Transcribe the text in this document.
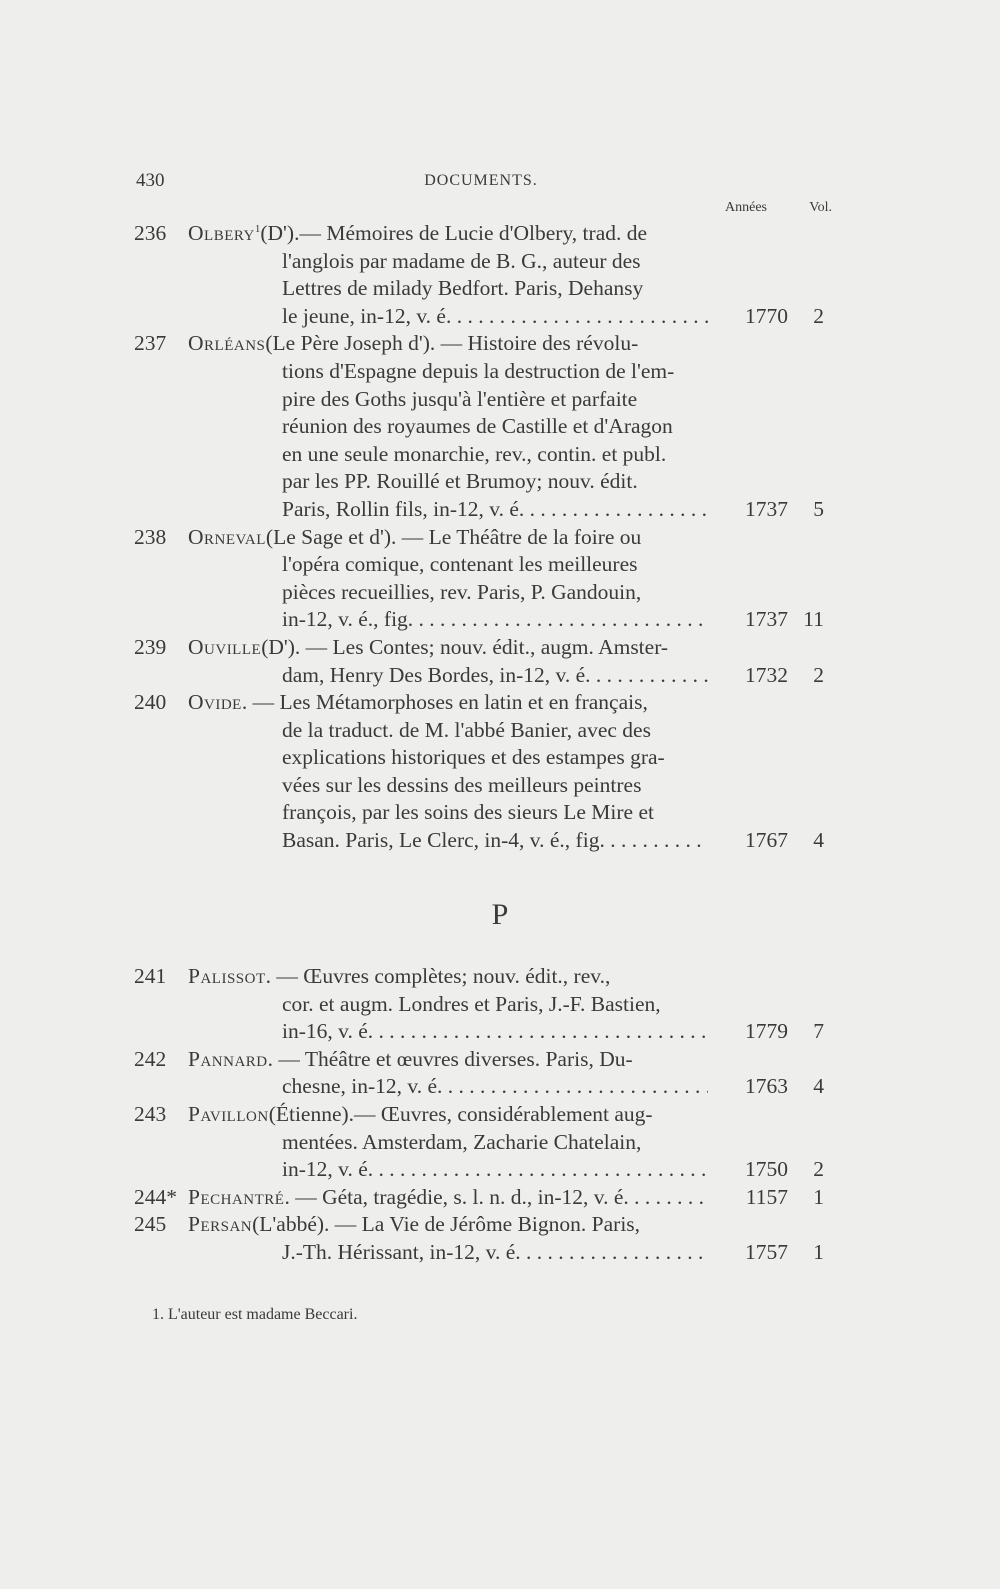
430	DOCUMENTS.
Années	Vol.
236 Olbery$^1$(D').— Mémoires de Lucie d'Olbery, trad. de
l'anglois par madame de B. G., auteur des
Lettres de milady Bedfort. Paris, Dehansy
le jeune, in-12, v. é. . . .	1770	2
237 Orléans(Le Père Joseph d'). — Histoire des révolu-
tions d'Espagne depuis la destruction de l'em-
pire des Goths jusqu'à l'entière et parfaite
réunion des royaumes de Castille et d'Aragon
en une seule monarchie, rev., contin. et publ.
par les PP. Rouillé et Brumoy; nouv. édit.
Paris, Rollin fils, in-12, v. é. . . .	1737	5
238 Orneval(Le Sage et d'). — Le Théâtre de la foire ou
l'opéra comique, contenant les meilleures
pièces recueillies, rev. Paris, P. Gandouin,
in-12, v. é., fig. . . .	1737 11
239 Ouville(D'). — Les Contes; nouv. édit., augm. Amster-
dam, Henry Des Bordes, in-12, v. é. . . .	1732	2
240 Ovide. — Les Métamorphoses en latin et en français,
de la traduct. de M. l'abbé Banier, avec des
explications historiques et des estampes gra-
vées sur les dessins des meilleurs peintres
françois, par les soins des sieurs Le Mire et
Basan. Paris, Le Clerc, in-4, v. é., fig. . . .	1767	4
P
241 Palissot. — Œuvres complètes; nouv. édit., rev.,
cor. et augm. Londres et Paris, J.-F. Bastien,
in-16, v. é. . . .	1779	7
242 Pannard. — Théâtre et œuvres diverses. Paris, Du-
chesne, in-12, v. é. . . .	1763	4
243 Pavillon(Étienne).— Œuvres, considérablement aug-
mentées. Amsterdam, Zacharie Chatelain,
in-12, v. é. . . .	1750	2
244* Pechantré. — Géta, tragédie, s. l. n. d., in-12, v. é. . . .	1157	1
245 Persan(L'abbé). — La Vie de Jérôme Bignon. Paris,
J.-Th. Hérissant, in-12, v. é. . . .	1757	1
1. L'auteur est madame Beccari.
